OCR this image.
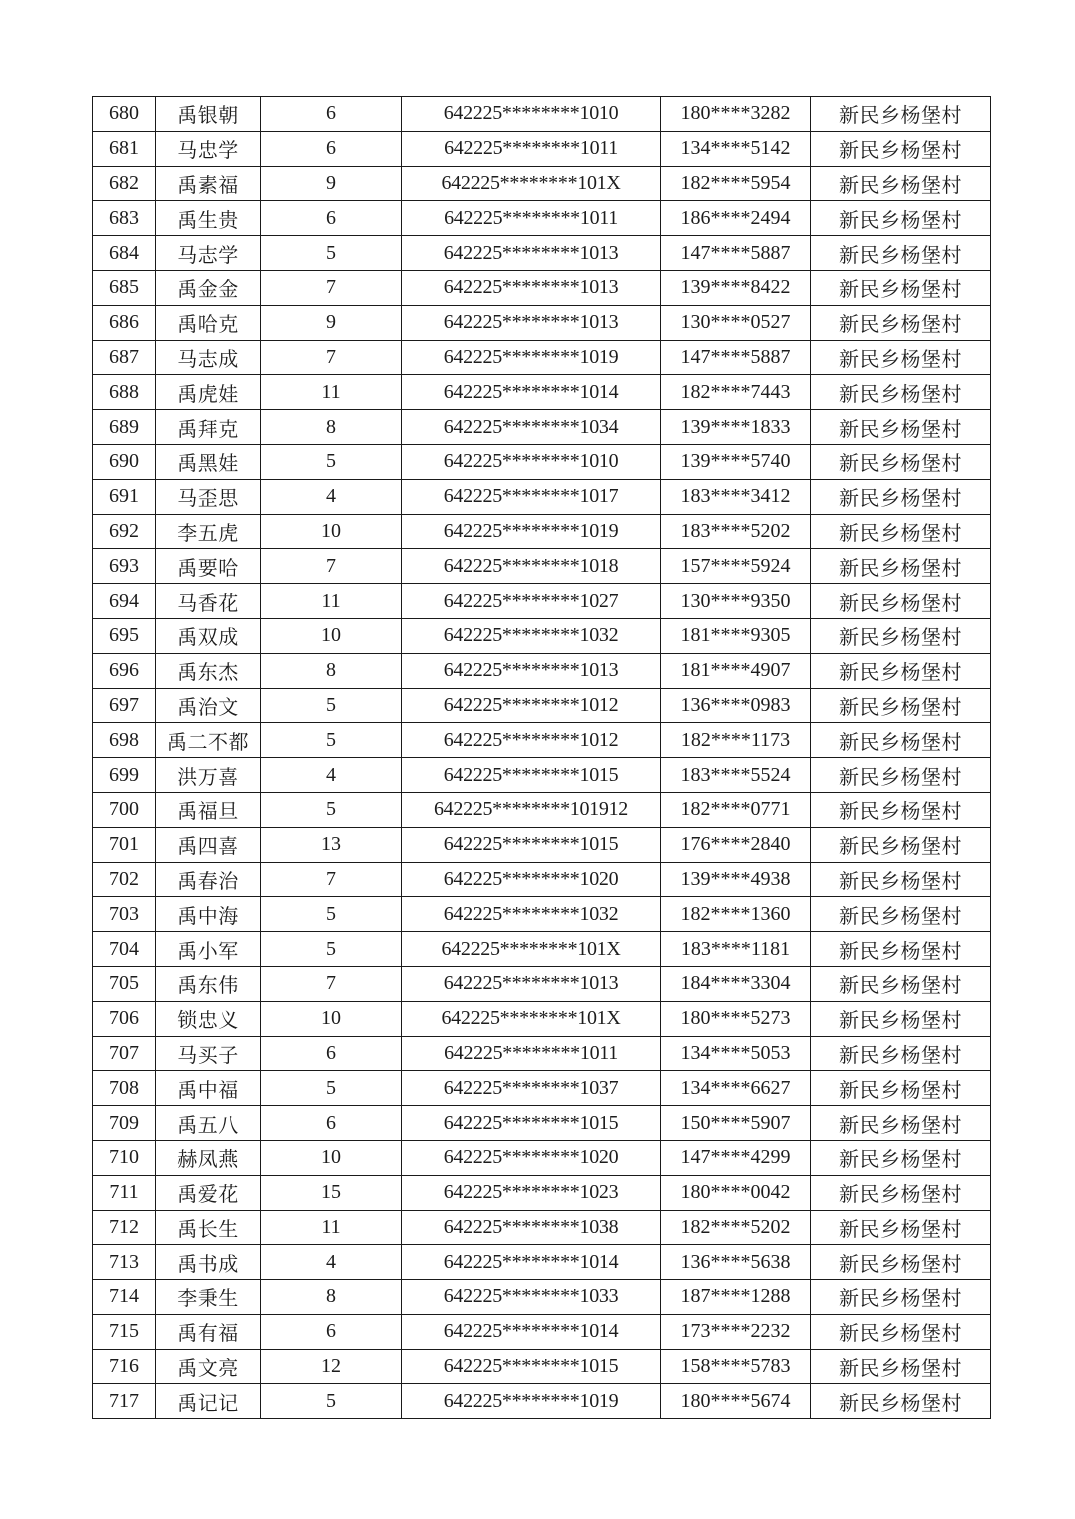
680	禹银朝	6	642225********1010	180****3282	新民乡杨堡村
681	马忠学	6	642225********1011	134****5142	新民乡杨堡村
682	禹素福	9	642225********101X	182****5954	新民乡杨堡村
683	禹生贵	6	642225********1011	186****2494	新民乡杨堡村
684	马志学	5	642225********1013	147****5887	新民乡杨堡村
685	禹金金	7	642225********1013	139****8422	新民乡杨堡村
686	禹哈克	9	642225********1013	130****0527	新民乡杨堡村
687	马志成	7	642225********1019	147****5887	新民乡杨堡村
688	禹虎娃	11	642225********1014	182****7443	新民乡杨堡村
689	禹拜克	8	642225********1034	139****1833	新民乡杨堡村
690	禹黑娃	5	642225********1010	139****5740	新民乡杨堡村
691	马歪思	4	642225********1017	183****3412	新民乡杨堡村
692	李五虎	10	642225********1019	183****5202	新民乡杨堡村
693	禹要哈	7	642225********1018	157****5924	新民乡杨堡村
694	马香花	11	642225********1027	130****9350	新民乡杨堡村
695	禹双成	10	642225********1032	181****9305	新民乡杨堡村
696	禹东杰	8	642225********1013	181****4907	新民乡杨堡村
697	禹治文	5	642225********1012	136****0983	新民乡杨堡村
698	禹二不都	5	642225********1012	182****1173	新民乡杨堡村
699	洪万喜	4	642225********1015	183****5524	新民乡杨堡村
700	禹福旦	5	642225********101912	182****0771	新民乡杨堡村
701	禹四喜	13	642225********1015	176****2840	新民乡杨堡村
702	禹春治	7	642225********1020	139****4938	新民乡杨堡村
703	禹中海	5	642225********1032	182****1360	新民乡杨堡村
704	禹小军	5	642225********101X	183****1181	新民乡杨堡村
705	禹东伟	7	642225********1013	184****3304	新民乡杨堡村
706	锁忠义	10	642225********101X	180****5273	新民乡杨堡村
707	马买子	6	642225********1011	134****5053	新民乡杨堡村
708	禹中福	5	642225********1037	134****6627	新民乡杨堡村
709	禹五八	6	642225********1015	150****5907	新民乡杨堡村
710	赫凤燕	10	642225********1020	147****4299	新民乡杨堡村
711	禹爱花	15	642225********1023	180****0042	新民乡杨堡村
712	禹长生	11	642225********1038	182****5202	新民乡杨堡村
713	禹书成	4	642225********1014	136****5638	新民乡杨堡村
714	李秉生	8	642225********1033	187****1288	新民乡杨堡村
715	禹有福	6	642225********1014	173****2232	新民乡杨堡村
716	禹文亮	12	642225********1015	158****5783	新民乡杨堡村
717	禹记记	5	642225********1019	180****5674	新民乡杨堡村
